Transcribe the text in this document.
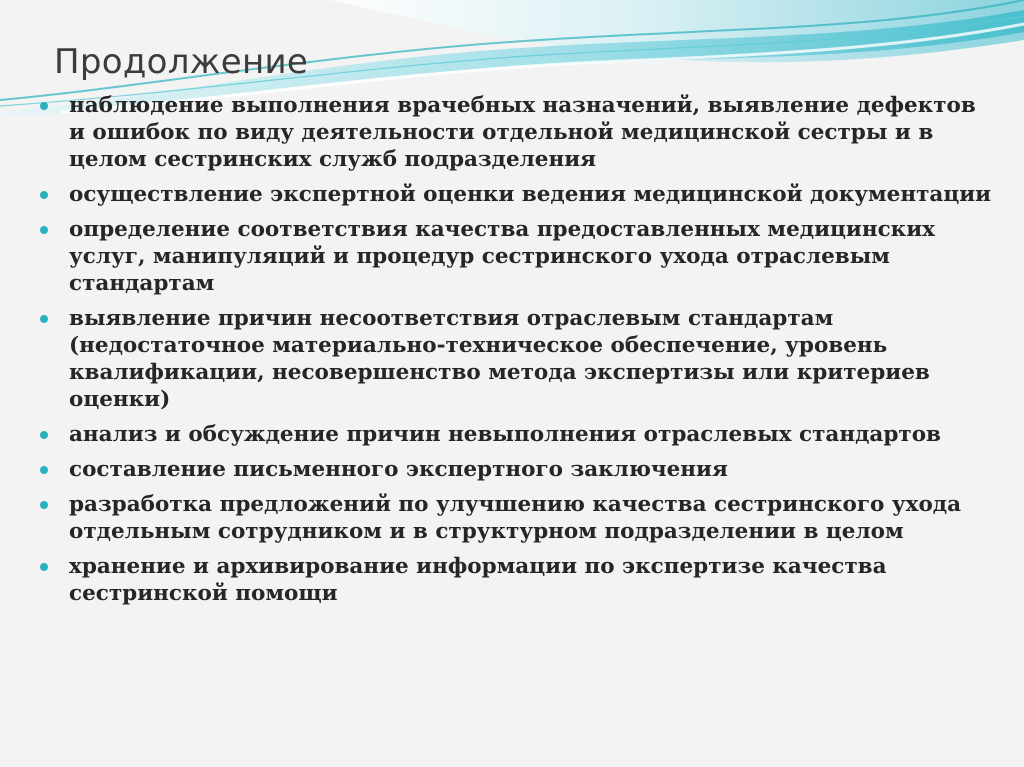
Продолжение
наблюдение выполнения врачебных назначений, выявление дефектов и ошибок по виду деятельности отдельной медицинской сестры и в целом сестринских служб подразделения
осуществление экспертной оценки ведения медицинской документации
определение соответствия качества предоставленных медицинских услуг, манипуляций и процедур сестринского ухода отраслевым стандартам
выявление причин несоответствия отраслевым стандартам (недостаточное материально-техническое обеспечение, уровень квалификации, несовершенство метода экспертизы или критериев оценки)
анализ и обсуждение причин невыполнения отраслевых стандартов
составление письменного экспертного заключения
разработка предложений по улучшению качества сестринского ухода отдельным сотрудником и в структурном подразделении в целом
хранение и архивирование информации по экспертизе качества сестринской помощи
